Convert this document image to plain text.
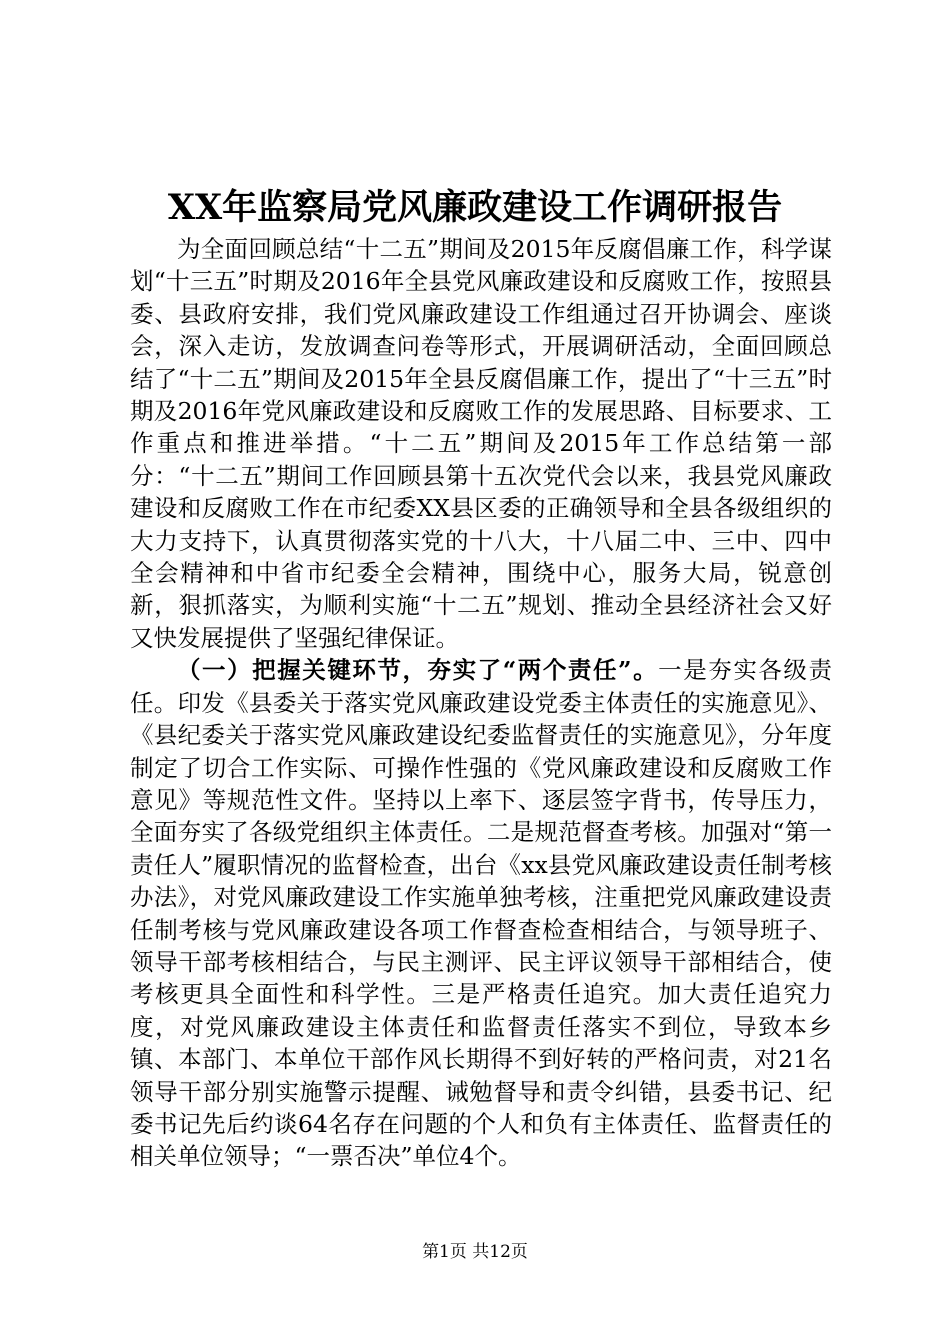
XX年监察局党风廉政建设工作调研报告

为全面回顾总结“十二五”期间及2015年反腐倡廉工作，科学谋划“十三五”时期及2016年全县党风廉政建设和反腐败工作，按照县委、县政府安排，我们党风廉政建设工作组通过召开协调会、座谈会，深入走访，发放调查问卷等形式，开展调研活动，全面回顾总结了“十二五”期间及2015年全县反腐倡廉工作，提出了“十三五”时期及2016年党风廉政建设和反腐败工作的发展思路、目标要求、工作重点和推进举措。“十二五”期间及2015年工作总结第一部分：“十二五”期间工作回顾县第十五次党代会以来，我县党风廉政建设和反腐败工作在市纪委XX县区委的正确领导和全县各级组织的大力支持下，认真贯彻落实党的十八大，十八届二中、三中、四中全会精神和中省市纪委全会精神，围绕中心，服务大局，锐意创新，狠抓落实，为顺利实施“十二五”规划、推动全县经济社会又好又快发展提供了坚强纪律保证。

（一）把握关键环节，夯实了“两个责任”。一是夯实各级责任。印发《县委关于落实党风廉政建设党委主体责任的实施意见》、《县纪委关于落实党风廉政建设纪委监督责任的实施意见》，分年度制定了切合工作实际、可操作性强的《党风廉政建设和反腐败工作意见》等规范性文件。坚持以上率下、逐层签字背书，传导压力，全面夯实了各级党组织主体责任。二是规范督查考核。加强对“第一责任人”履职情况的监督检查，出台《xx县党风廉政建设责任制考核办法》，对党风廉政建设工作实施单独考核，注重把党风廉政建设责任制考核与党风廉政建设各项工作督查检查相结合，与领导班子、领导干部考核相结合，与民主测评、民主评议领导干部相结合，使考核更具全面性和科学性。三是严格责任追究。加大责任追究力度，对党风廉政建设主体责任和监督责任落实不到位，导致本乡镇、本部门、本单位干部作风长期得不到好转的严格问责，对21名领导干部分别实施警示提醒、诫勉督导和责令纠错，县委书记、纪委书记先后约谈64名存在问题的个人和负有主体责任、监督责任的相关单位领导；“一票否决”单位4个。

第1页 共12页
